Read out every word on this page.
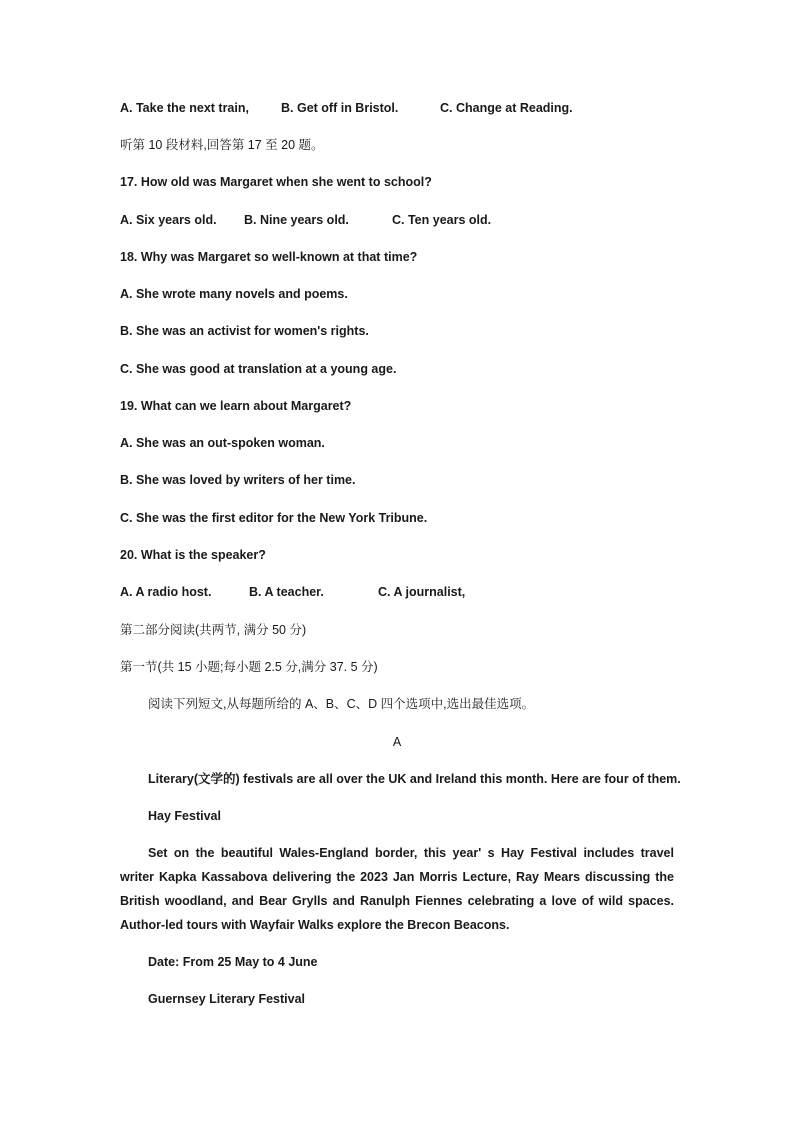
A. Take the next train,	B. Get off in Bristol.	C. Change at Reading.
听第 10 段材料,回答第 17 至 20 题。
17. How old was Margaret when she went to school?
A. Six years old. B. Nine years old.	C. Ten years old.
18. Why was Margaret so well-known at that time?
A. She wrote many novels and poems.
B. She was an activist for women's rights.
C. She was good at translation at a young age.
19. What can we learn about Margaret?
A. She was an out-spoken woman.
B. She was loved by writers of her time.
C. She was the first editor for the New York Tribune.
20. What is the speaker?
A. A radio host.	B. A teacher.	C. A journalist,
第二部分阅读(共两节, 满分 50 分)
第一节(共 15 小题;每小题 2.5 分,满分 37. 5 分)
阅读下列短文,从每题所给的 A、B、C、D 四个选项中,选出最佳选项。
A
Literary(文学的) festivals are all over the UK and Ireland this month. Here are four of them.
Hay Festival
Set on the beautiful Wales-England border, this year' s Hay Festival includes travel writer Kapka Kassabova delivering the 2023 Jan Morris Lecture, Ray Mears discussing the British woodland, and Bear Grylls and Ranulph Fiennes celebrating a love of wild spaces. Author-led tours with Wayfair Walks explore the Brecon Beacons.
Date: From 25 May to 4 June
Guernsey Literary Festival
